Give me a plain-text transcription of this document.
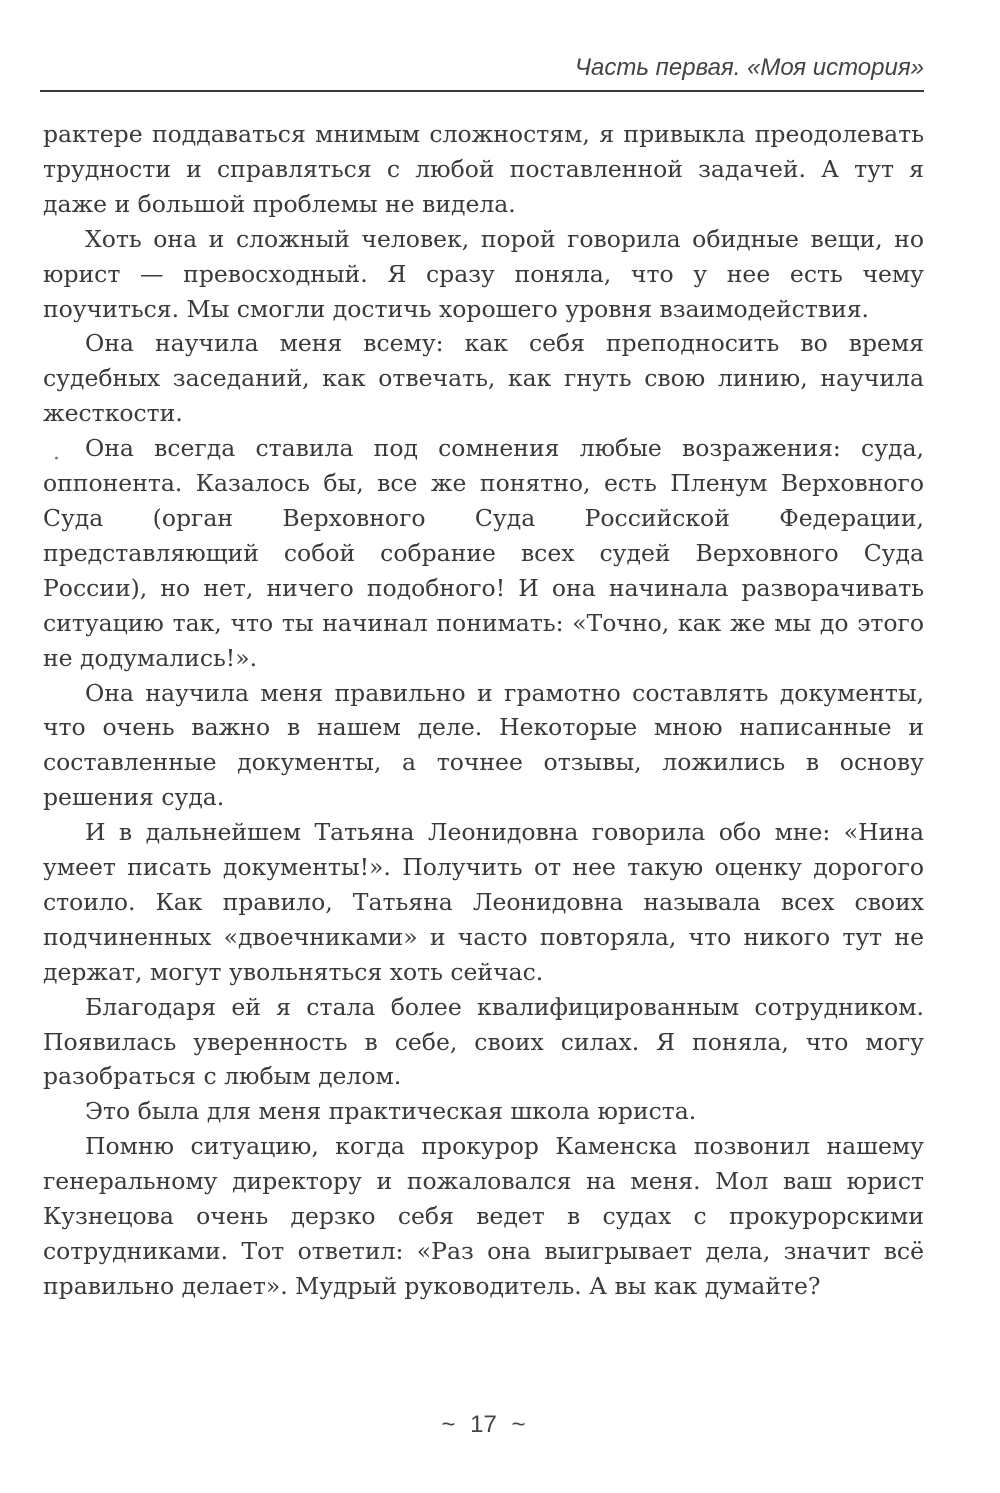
Часть первая. «Моя история»
·

рактере поддаваться мнимым сложностям, я привыкла преодолевать трудности и справляться с любой поставленной задачей. А тут я даже и большой проблемы не видела.

Хоть она и сложный человек, порой говорила обидные вещи, но юрист — превосходный. Я сразу поняла, что у нее есть чему поучиться. Мы смогли достичь хорошего уровня взаимодействия.

Она научила меня всему: как себя преподносить во время судебных заседаний, как отвечать, как гнуть свою линию, научила жесткости.

Она всегда ставила под сомнения любые возражения: суда, оппонента. Казалось бы, все же понятно, есть Пленум Верховного Суда (орган Верховного Суда Российской Федерации, представляющий собой собрание всех судей Верховного Суда России), но нет, ничего подобного! И она начинала разворачивать ситуацию так, что ты начинал понимать: «Точно, как же мы до этого не додумались!».

Она научила меня правильно и грамотно составлять документы, что очень важно в нашем деле. Некоторые мною написанные и составленные документы, а точнее отзывы, ложились в основу решения суда.

И в дальнейшем Татьяна Леонидовна говорила обо мне: «Нина умеет писать документы!». Получить от нее такую оценку дорогого стоило. Как правило, Татьяна Леонидовна называла всех своих подчиненных «двоечниками» и часто повторяла, что никого тут не держат, могут увольняться хоть сейчас.

Благодаря ей я стала более квалифицированным сотрудником. Появилась уверенность в себе, своих силах. Я поняла, что могу разобраться с любым делом.

Это была для меня практическая школа юриста.

Помню ситуацию, когда прокурор Каменска позвонил нашему генеральному директору и пожаловался на меня. Мол ваш юрист Кузнецова очень дерзко себя ведет в судах с прокурорскими сотрудниками. Тот ответил: «Раз она выигрывает дела, значит всё правильно делает». Мудрый руководитель. А вы как думайте?

~ 17 ~
